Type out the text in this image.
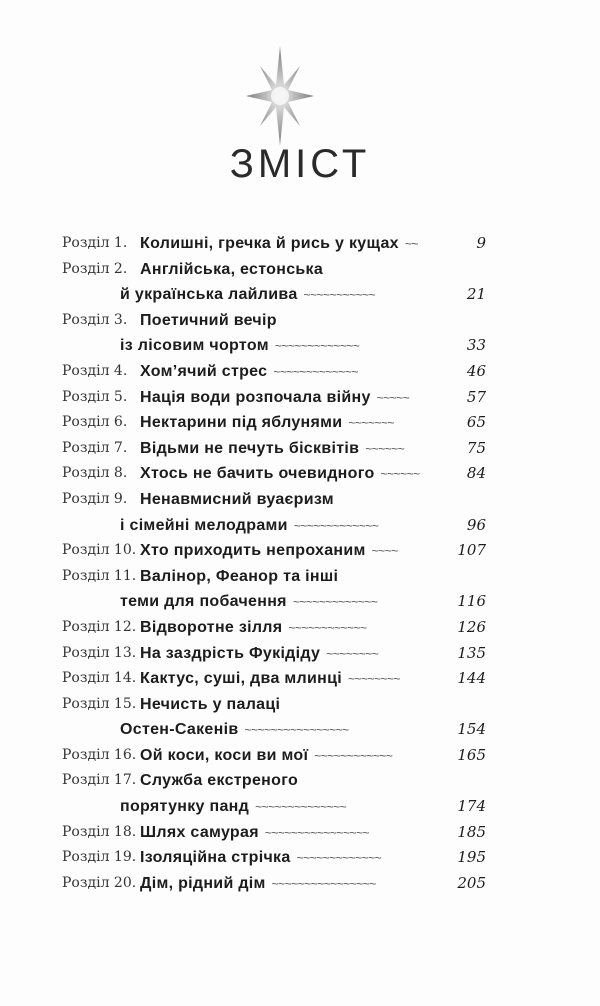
ЗМІСТ
Розділ 1. Колишні, гречка й рись у кущах ~~	9
Розділ 2. Англійська, естонська
й українська лайлива ~~~~~~~~~~~	21
Розділ 3. Поетичний вечір
із лісовим чортом ~~~~~~~~~~~~~	33
Розділ 4. Хом’ячий стрес ~~~~~~~~~~~~~	46
Розділ 5. Нація води розпочала війну ~~~~~	57
Розділ 6. Нектарини під яблунями ~~~~~~~	65
Розділ 7. Відьми не печуть бісквітів ~~~~~~	75
Розділ 8. Хтось не бачить очевидного ~~~~~~	84
Розділ 9. Ненавмисний вуаєризм
і сімейні мелодрами ~~~~~~~~~~~~~	96
Розділ 10. Хто приходить непроханим ~~~~	107
Розділ 11. Валінор, Феанор та інші
теми для побачення ~~~~~~~~~~~~~	116
Розділ 12. Відворотне зілля ~~~~~~~~~~~~	126
Розділ 13. На заздрість Фукідіду ~~~~~~~~	135
Розділ 14. Кактус, суші, два млинці ~~~~~~~~	144
Розділ 15. Нечисть у палаці
Остен-Сакенів ~~~~~~~~~~~~~~~~	154
Розділ 16. Ой коси, коси ви мої ~~~~~~~~~~~~	165
Розділ 17. Служба екстреного
порятунку панд ~~~~~~~~~~~~~~	174
Розділ 18. Шлях самурая ~~~~~~~~~~~~~~~~	185
Розділ 19. Ізоляційна стрічка ~~~~~~~~~~~~~	195
Розділ 20. Дім, рідний дім ~~~~~~~~~~~~~~~~	205
